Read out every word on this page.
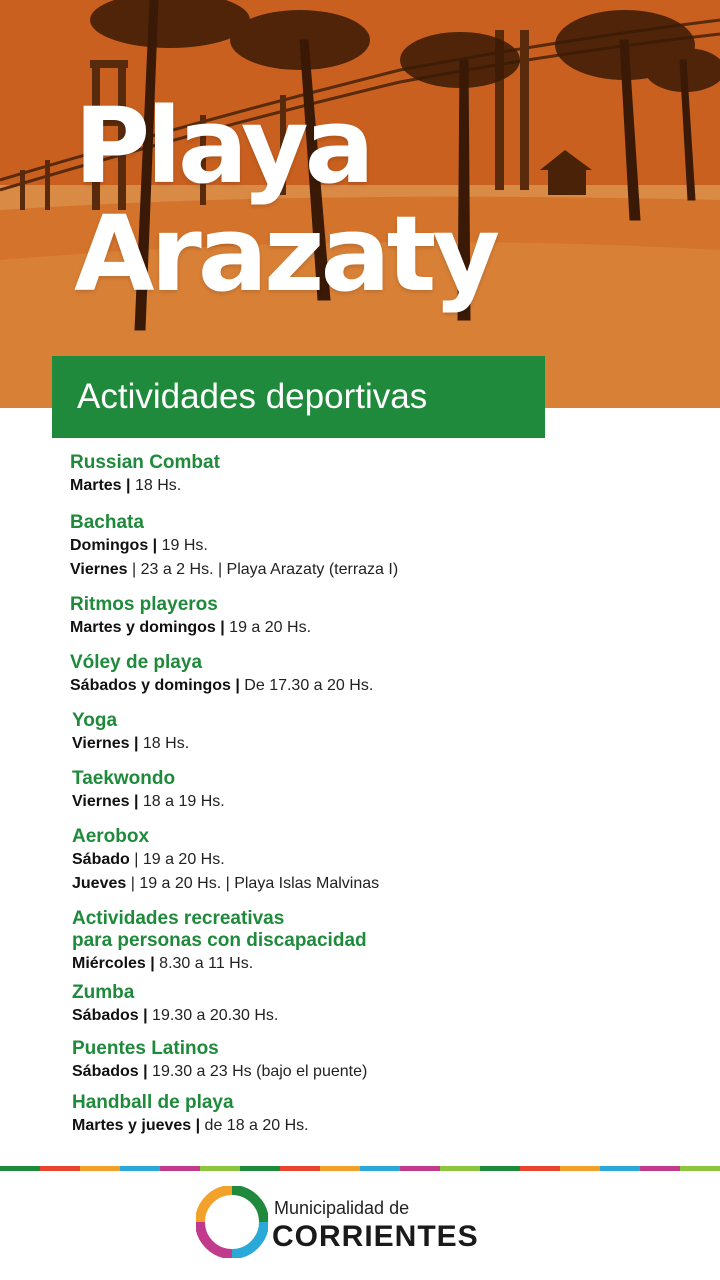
Playa
Arazaty
Actividades deportivas
Russian Combat
Martes | 18 Hs.
Bachata
Domingos | 19 Hs.
Viernes | 23 a 2 Hs. | Playa Arazaty (terraza I)
Ritmos playeros
Martes y domingos | 19 a 20 Hs.
Vóley de playa
Sábados y domingos | De 17.30 a 20 Hs.
Yoga
Viernes | 18 Hs.
Taekwondo
Viernes | 18 a 19 Hs.
Aerobox
Sábado | 19 a 20 Hs.
Jueves | 19 a 20 Hs. | Playa Islas Malvinas
Actividades recreativas
para personas con discapacidad
Miércoles | 8.30 a 11 Hs.
Zumba
Sábados | 19.30 a 20.30 Hs.
Puentes Latinos
Sábados | 19.30 a 23 Hs (bajo el puente)
Handball de playa
Martes y jueves | de 18 a 20 Hs.
Municipalidad de
CORRIENTES
